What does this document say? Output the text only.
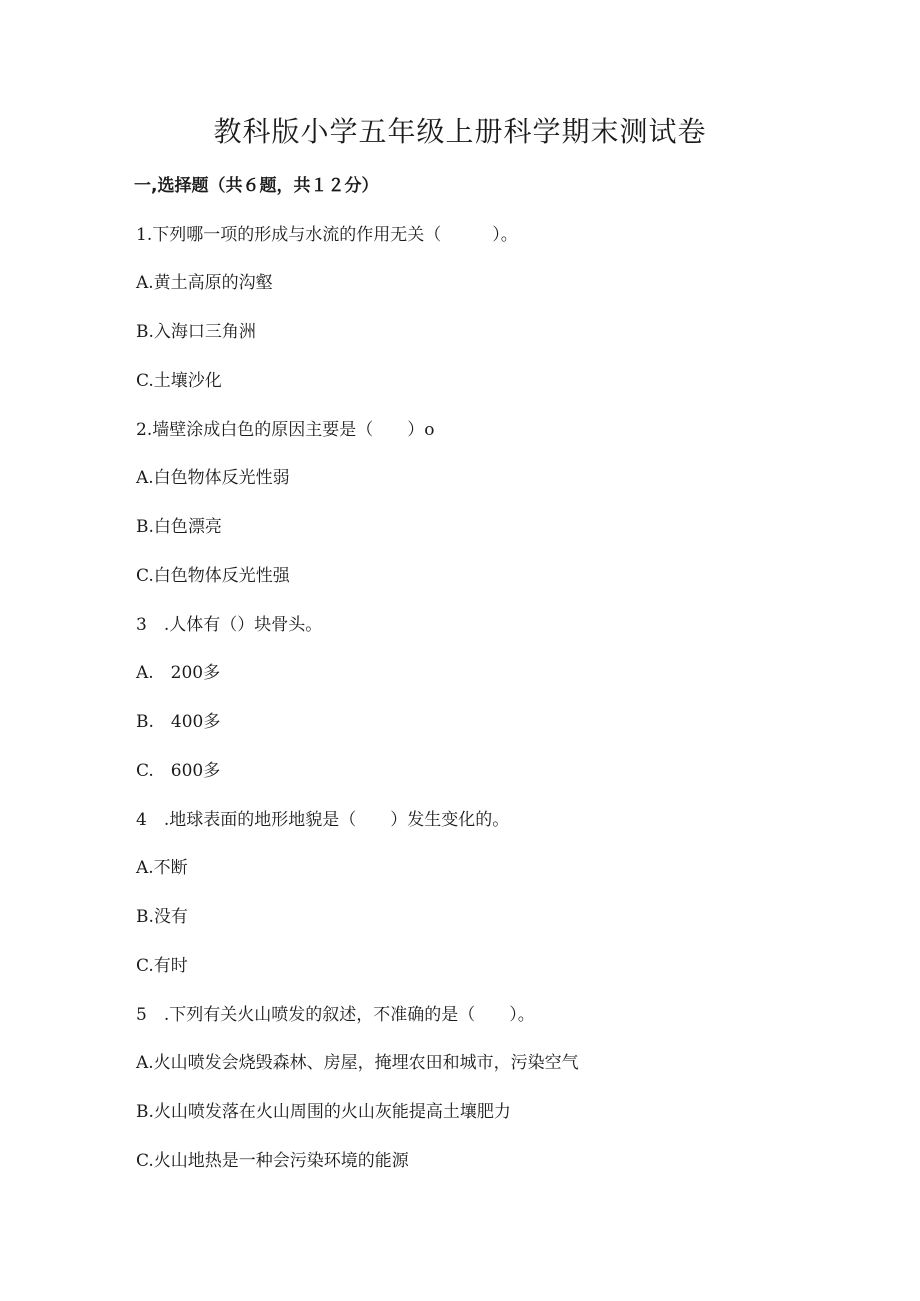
教科版小学五年级上册科学期末测试卷
一,选择题（共６题，共１２分）
1.下列哪一项的形成与水流的作用无关（　　　）。
A.黄土高原的沟壑
B.入海口三角洲
C.土壤沙化
2.墙壁涂成白色的原因主要是（　　）o
A.白色物体反光性弱
B.白色漂亮
C.白色物体反光性强
3　.人体有（）块骨头。
A.　200多
B.　400多
C.　600多
4　.地球表面的地形地貌是（　　）发生变化的。
A.不断
B.没有
C.有时
5　.下列有关火山喷发的叙述，不准确的是（　　）。
A.火山喷发会烧毁森林、房屋，掩埋农田和城市，污染空气
B.火山喷发落在火山周围的火山灰能提高土壤肥力
C.火山地热是一种会污染环境的能源
